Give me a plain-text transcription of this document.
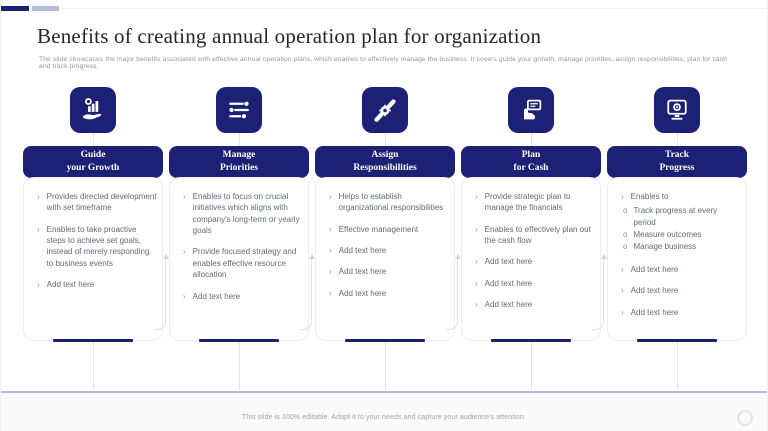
Benefits of creating annual operation plan for organization

The slide showcases the major benefits associated with effective annual operation plans, which enables to effectively manage the business. It covers guide your growth, manage priorities, assign responsibilities, plan for cash and track progress.

Guide
your Growth
› Provides directed development with set timeframe
› Enables to take proactive steps to achieve set goals, instead of merely responding to business events
› Add text here
Manage
Priorities
› Enables to focus on crucial initiatives which aligns with company's long-term or yearly goals
› Provide focused strategy and enables effective resource allocation
› Add text here
Assign
Responsibilities
› Helps to establish organizational responsibilities
› Effective management
› Add text here
› Add text here
› Add text here
Plan
for Cash
› Provide strategic plan to manage the financials
› Enables to effectively plan out the cash flow
› Add text here
› Add text here
› Add text here
Track
Progress
› Enables to
o Track progress at every period
o Measure outcomes
o Manage business
› Add text here
› Add text here
› Add text here

This slide is 100% editable. Adapt it to your needs and capture your audience's attention.
